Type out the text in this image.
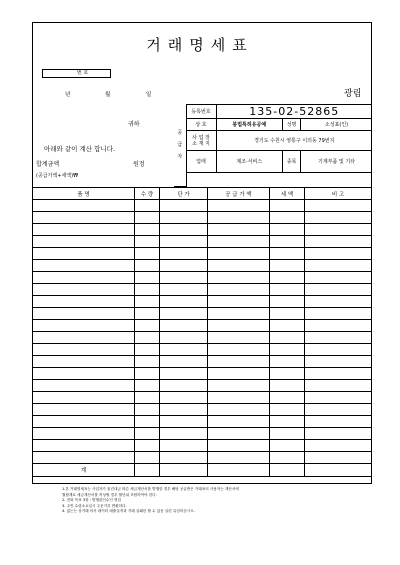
거래명세표
번 호
년	월	일	광림
귀하
아래와 같이 계산 합니다.
합계금액	원정
(공급가액+세액)₩
공
급
자	등록번호	135-02-52865		
	상 호	봉법특허유공예	성명	소성표(인)
	사 업 장
소 재 지	경기도 수원시 영통구 이의동 79번지		
	업태	제조·서비스	종목	기계부품 및 기타

품 명	수 량	단 가	공 급 가 액	세 액	비 고

계					
1.본 거래명세표는 사업자가 물건대금 따른 세금계산서를 발행한 경우 해당 공급받은 거래처의 사용자는 계산서에
월합계로 세금계산서를 작성할 경우 월단위 조합하여야 한다.
2. 전화 목표 3장 : 발행된인수인 영업
3. 주민 수령소요일시 주문기록 반환하다.
4. 없는는 상거래 어서 데이터 매출실적과 거래 실패한 할 수 있음 일련 유념하십시오.
